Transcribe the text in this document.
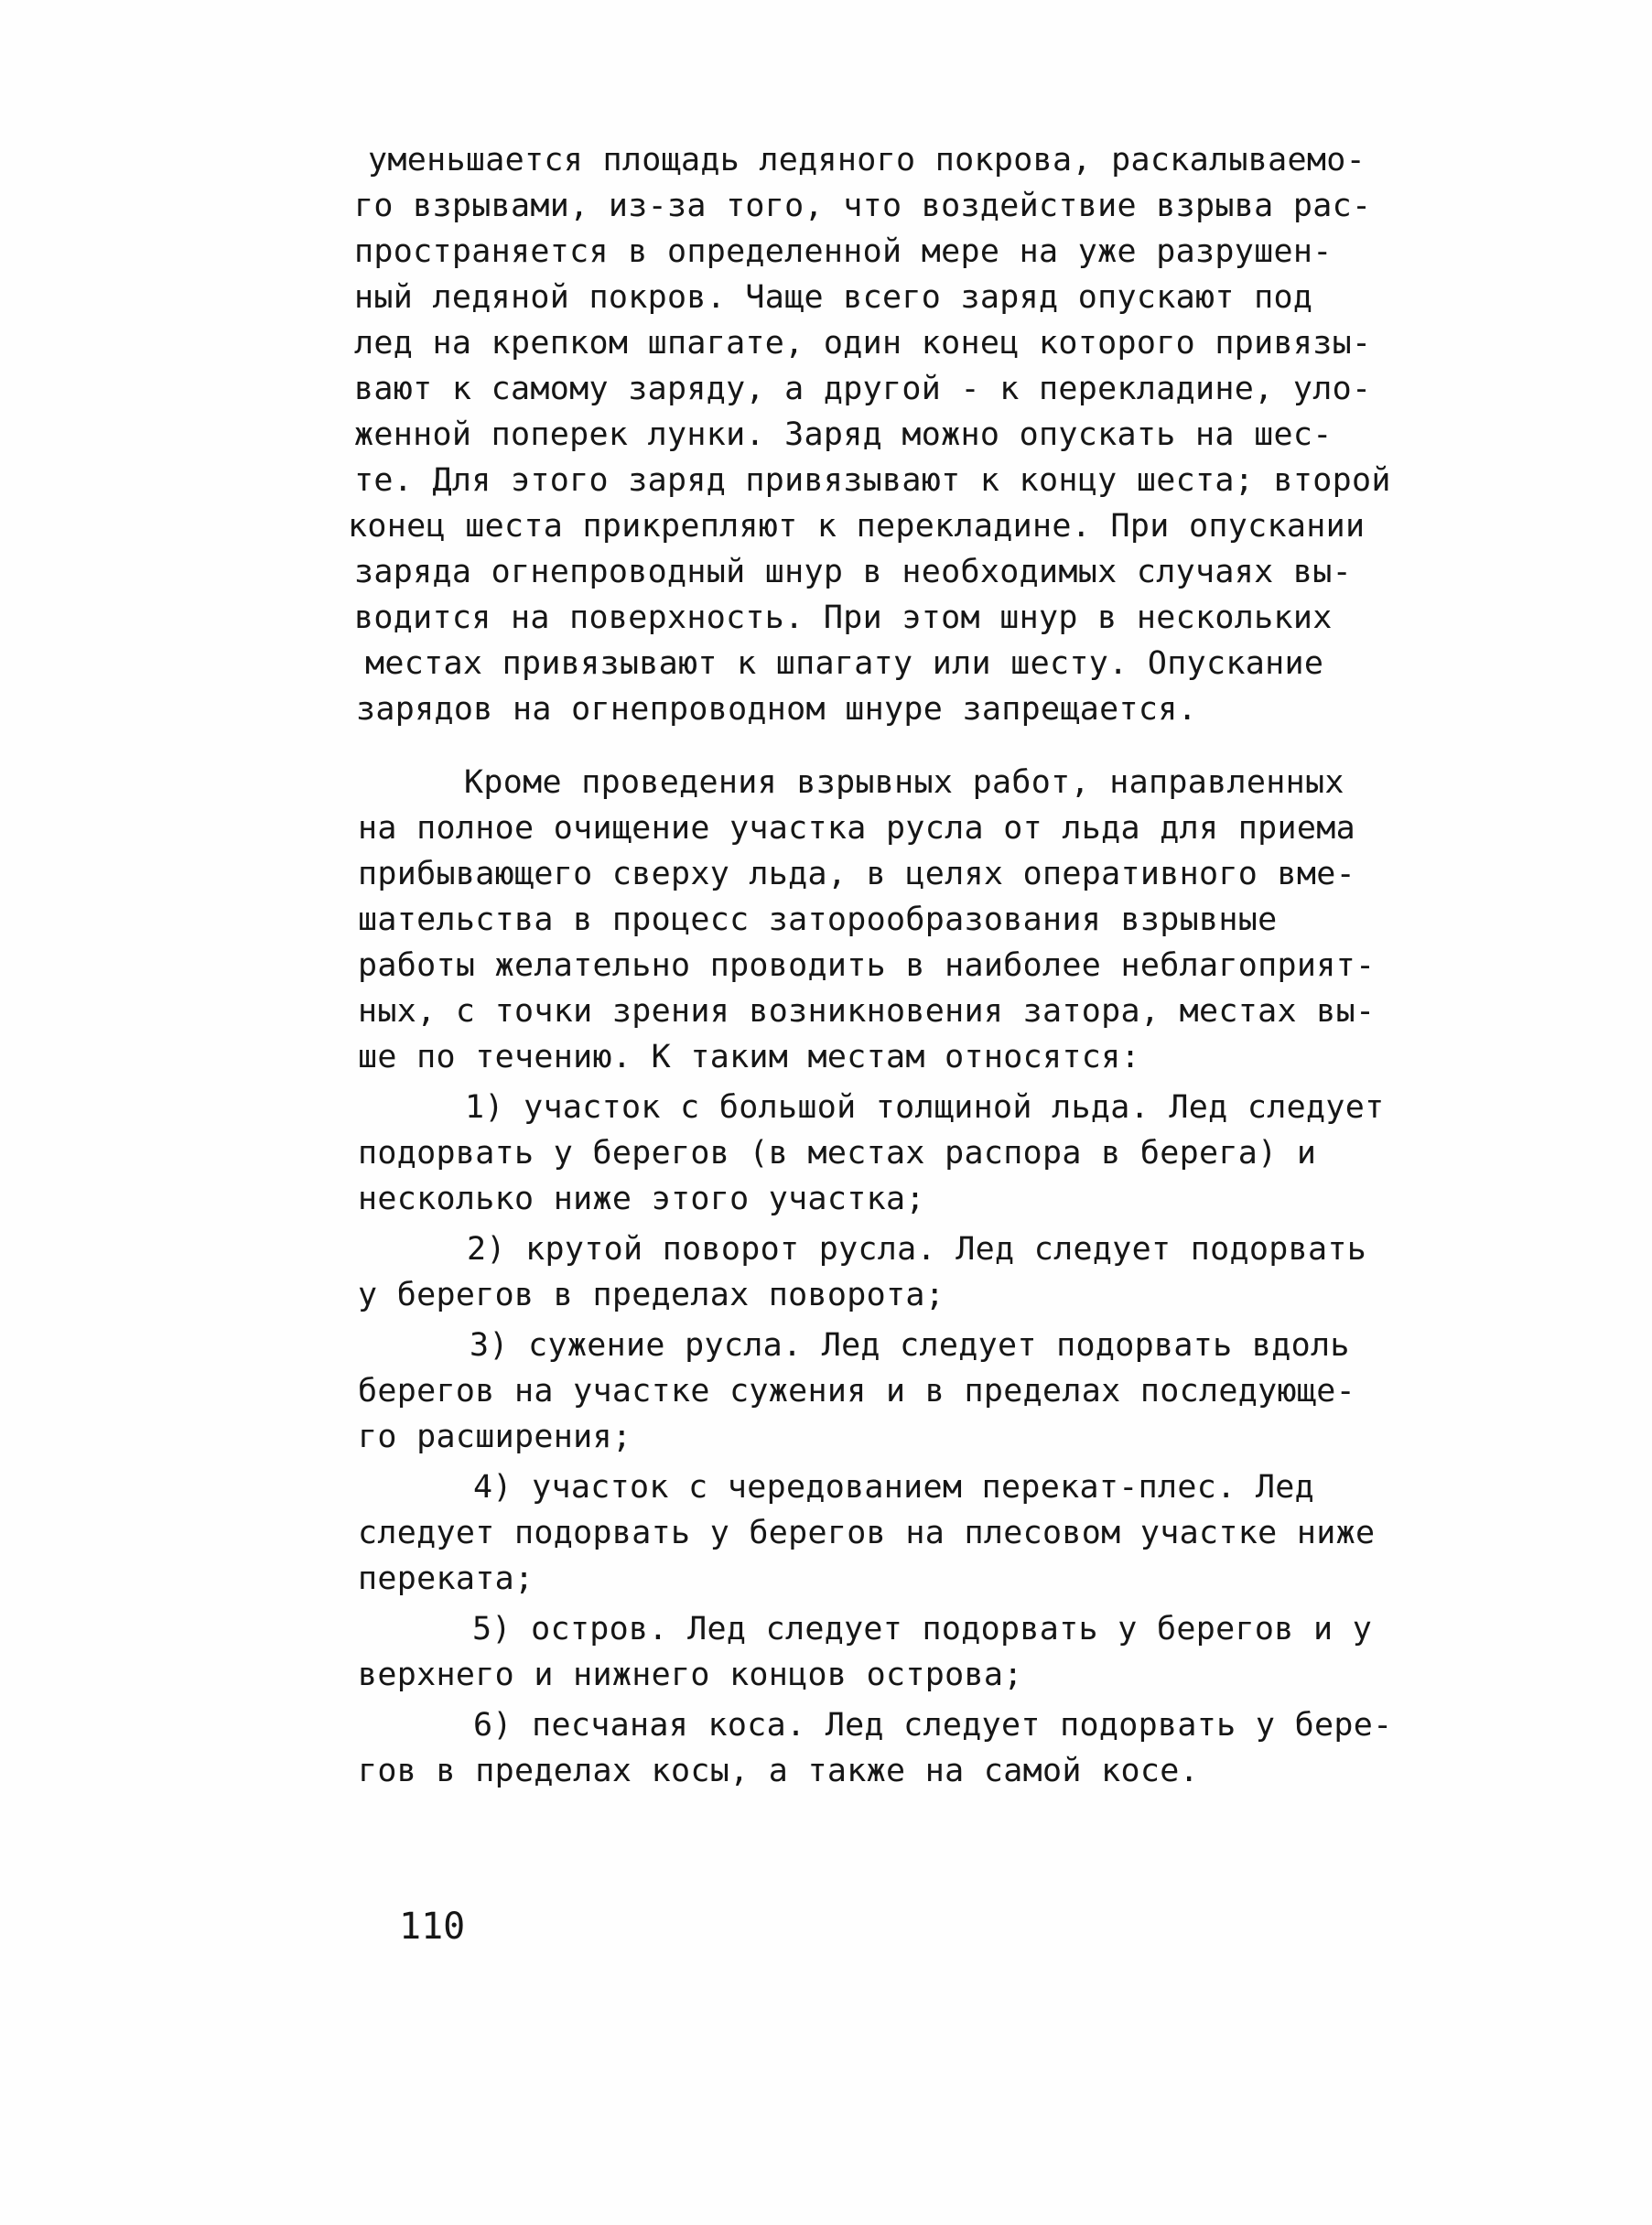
уменьшается площадь ледяного покрова, раскалываемо-
го взрывами, из-за того, что воздействие взрыва рас-
пространяется в определенной мере на уже разрушен-
ный ледяной покров. Чаще всего заряд опускают под
лед на крепком шпагате, один конец которого привязы-
вают к самому заряду, а другой - к перекладине, уло-
женной поперек лунки. Заряд можно опускать на шес-
те. Для этого заряд привязывают к концу шеста; второй
конец шеста прикрепляют к перекладине. При опускании
заряда огнепроводный шнур в необходимых случаях вы-
водится на поверхность. При этом шнур в нескольких
местах привязывают к шпагату или шесту. Опускание
зарядов на огнепроводном шнуре запрещается.
Кроме проведения взрывных работ, направленных
на полное очищение участка русла от льда для приема
прибывающего сверху льда, в целях оперативного вме-
шательства в процесс заторообразования взрывные
работы желательно проводить в наиболее неблагоприят-
ных, с точки зрения возникновения затора, местах вы-
ше по течению. К таким местам относятся:
1) участок с большой толщиной льда. Лед следует
подорвать у берегов (в местах распора в берега) и
несколько ниже этого участка;
2) крутой поворот русла. Лед следует подорвать
у берегов в пределах поворота;
3) сужение русла. Лед следует подорвать вдоль
берегов на участке сужения и в пределах последующе-
го расширения;
4) участок с чередованием перекат-плес. Лед
следует подорвать у берегов на плесовом участке ниже
переката;
5) остров. Лед следует подорвать у берегов и у
верхнего и нижнего концов острова;
6) песчаная коса. Лед следует подорвать у бере-
гов в пределах косы, а также на самой косе.
110
